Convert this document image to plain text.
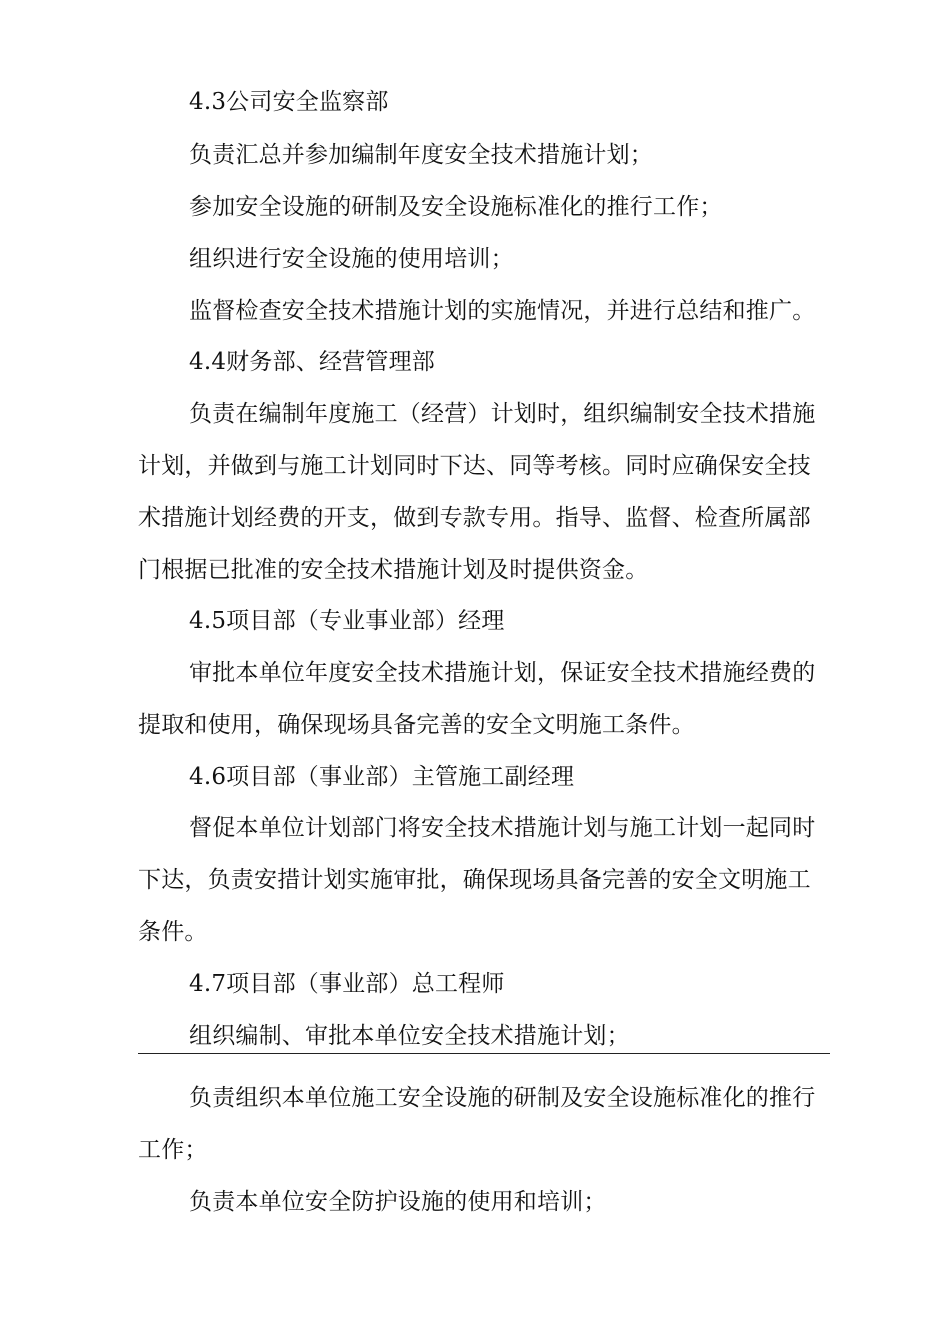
4.3公司安全监察部
负责汇总并参加编制年度安全技术措施计划；
参加安全设施的研制及安全设施标准化的推行工作；
组织进行安全设施的使用培训；
监督检查安全技术措施计划的实施情况，并进行总结和推广。
4.4财务部、经营管理部
负责在编制年度施工（经营）计划时，组织编制安全技术措施
计划，并做到与施工计划同时下达、同等考核。同时应确保安全技
术措施计划经费的开支，做到专款专用。指导、监督、检查所属部
门根据已批准的安全技术措施计划及时提供资金。
4.5项目部（专业事业部）经理
审批本单位年度安全技术措施计划，保证安全技术措施经费的
提取和使用，确保现场具备完善的安全文明施工条件。
4.6项目部（事业部）主管施工副经理
督促本单位计划部门将安全技术措施计划与施工计划一起同时
下达，负责安措计划实施审批，确保现场具备完善的安全文明施工
条件。
4.7项目部（事业部）总工程师
组织编制、审批本单位安全技术措施计划；
负责组织本单位施工安全设施的研制及安全设施标准化的推行
工作；
负责本单位安全防护设施的使用和培训；
